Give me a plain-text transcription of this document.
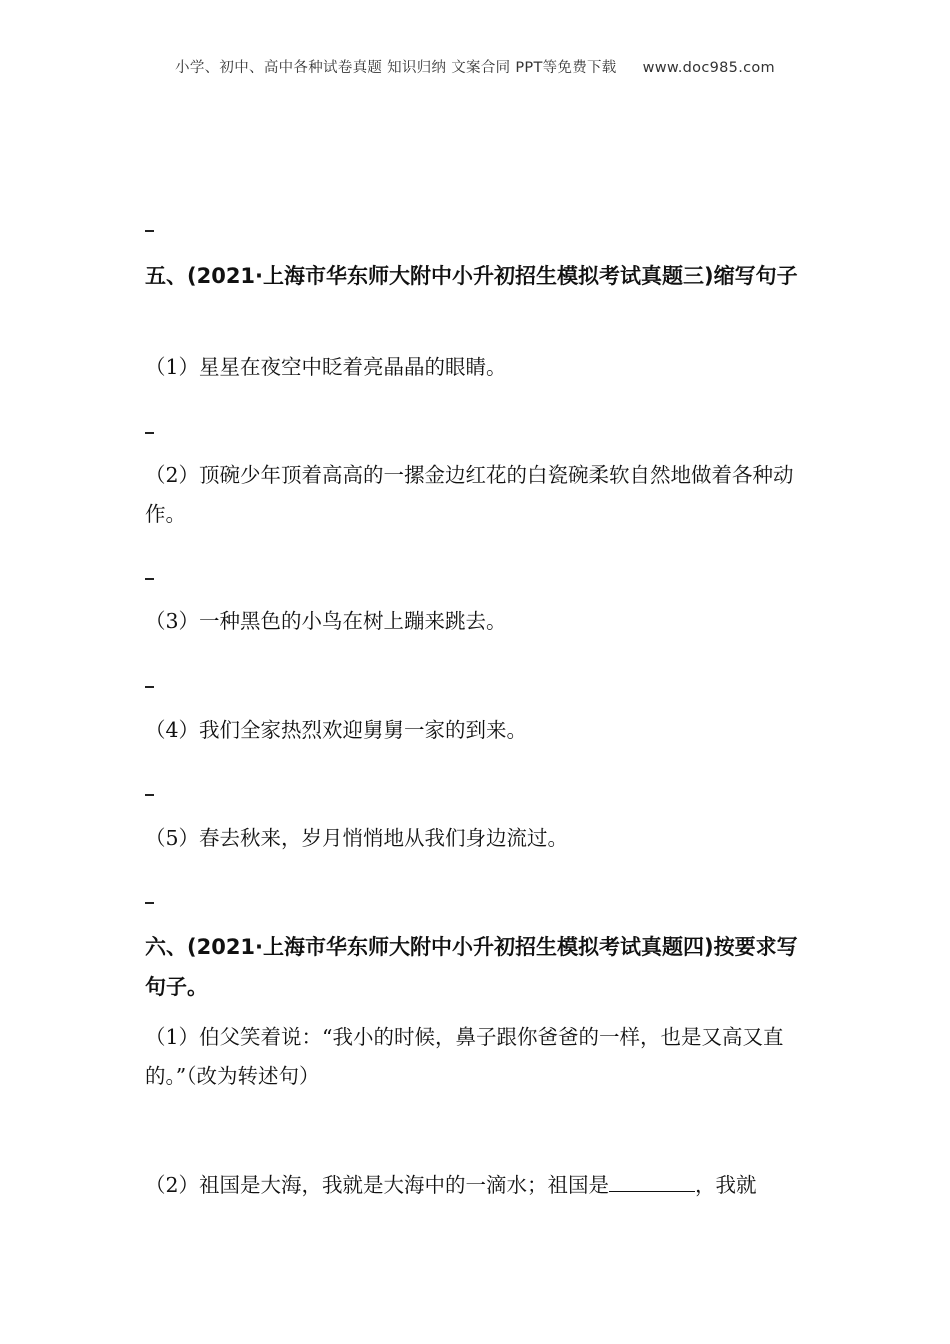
小学、初中、高中各种试卷真题 知识归纳 文案合同 PPT等免费下载 www.doc985.com
五、(2021·上海市华东师大附中小升初招生模拟考试真题三)缩写句子
（1）星星在夜空中眨着亮晶晶的眼睛。
（2）顶碗少年顶着高高的一摞金边红花的白瓷碗柔软自然地做着各种动作。
（3）一种黑色的小鸟在树上蹦来跳去。
（4）我们全家热烈欢迎舅舅一家的到来。
（5）春去秋来，岁月悄悄地从我们身边流过。
六、(2021·上海市华东师大附中小升初招生模拟考试真题四)按要求写句子。
（1）伯父笑着说：“我小的时候，鼻子跟你爸爸的一样，也是又高又直的。”（改为转述句）
（2）祖国是大海，我就是大海中的一滴水；祖国是	，我就
